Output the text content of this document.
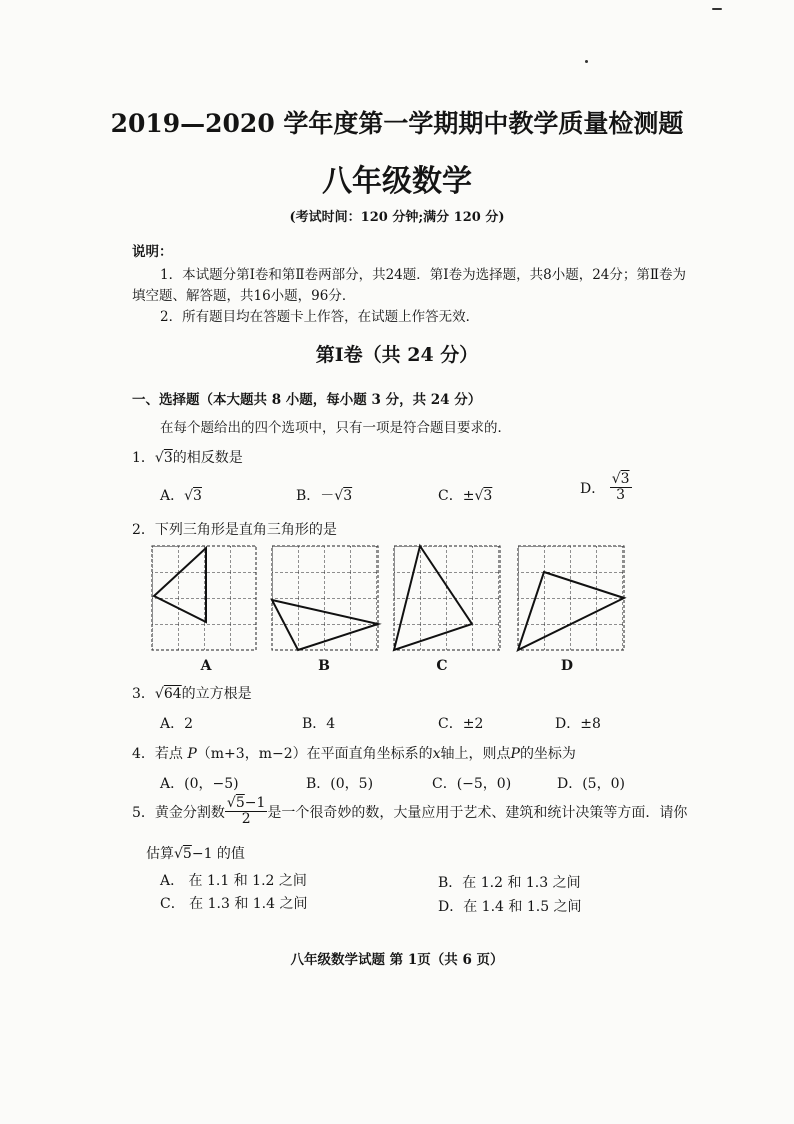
2019—2020 学年度第一学期期中教学质量检测题
八年级数学
(考试时间：120 分钟;满分 120 分)
说明：
1．本试题分第Ⅰ卷和第Ⅱ卷两部分，共24题．第Ⅰ卷为选择题，共8小题，24分；第Ⅱ卷为
填空题、解答题，共16小题，96分．
2．所有题目均在答题卡上作答，在试题上作答无效．
第Ⅰ卷（共 24 分）
一、选择题（本大题共 8 小题，每小题 3 分，共 24 分）
在每个题给出的四个选项中，只有一项是符合题目要求的．
1．√3的相反数是
A．√3	B．－√3	C．±√3	D． $\frac{√3}{3}$
2．下列三角形是直角三角形的是
A	B	C	D
3．√64的立方根是
A．2	B．4	C．±2	D．±8
4．若点 P（m+3，m−2）在平面直角坐标系的x轴上，则点P的坐标为
A．(0，−5)	B．(0，5)	C．(−5，0)	D．(5，0)
5．黄金分割数 $\frac{√5-1}{2}$ 是一个很奇妙的数，大量应用于艺术、建筑和统计决策等方面．请你
估算√5−1 的值
A． 在 1.1 和 1.2 之间	B．在 1.2 和 1.3 之间
C． 在 1.3 和 1.4 之间	D．在 1.4 和 1.5 之间
八年级数学试题 第 1页（共 6 页）
